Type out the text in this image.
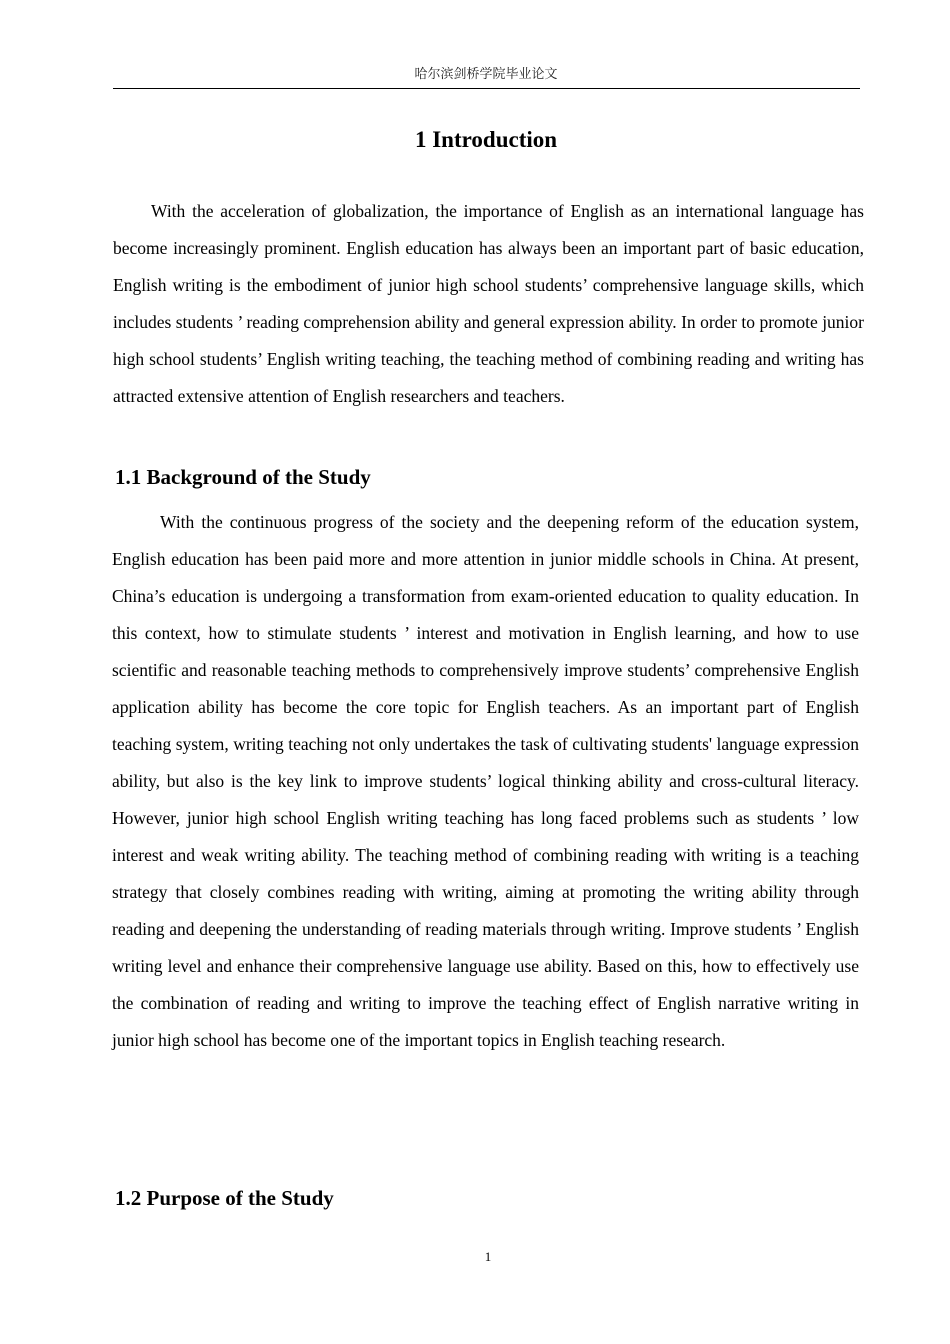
哈尔滨剑桥学院毕业论文
1 Introduction

With the acceleration of globalization, the importance of English as an international language has become increasingly prominent. English education has always been an important part of basic education, English writing is the embodiment of junior high school students’ comprehensive language skills, which includes students ’ reading comprehension ability and general expression ability. In order to promote junior high school students’ English writing teaching, the teaching method of combining reading and writing has attracted extensive attention of English researchers and teachers.

1.1 Background of the Study

With the continuous progress of the society and the deepening reform of the education system, English education has been paid more and more attention in junior middle schools in China. At present, China’s education is undergoing a transformation from exam-oriented education to quality education. In this context, how to stimulate students ’ interest and motivation in English learning, and how to use scientific and reasonable teaching methods to comprehensively improve students’ comprehensive English application ability has become the core topic for English teachers. As an important part of English teaching system, writing teaching not only undertakes the task of cultivating students' language expression ability, but also is the key link to improve students’ logical thinking ability and cross-cultural literacy. However, junior high school English writing teaching has long faced problems such as students ’ low interest and weak writing ability. The teaching method of combining reading with writing is a teaching strategy that closely combines reading with writing, aiming at promoting the writing ability through reading and deepening the understanding of reading materials through writing. Improve students ’ English writing level and enhance their comprehensive language use ability. Based on this, how to effectively use the combination of reading and writing to improve the teaching effect of English narrative writing in junior high school has become one of the important topics in English teaching research.

1.2 Purpose of the Study
1
